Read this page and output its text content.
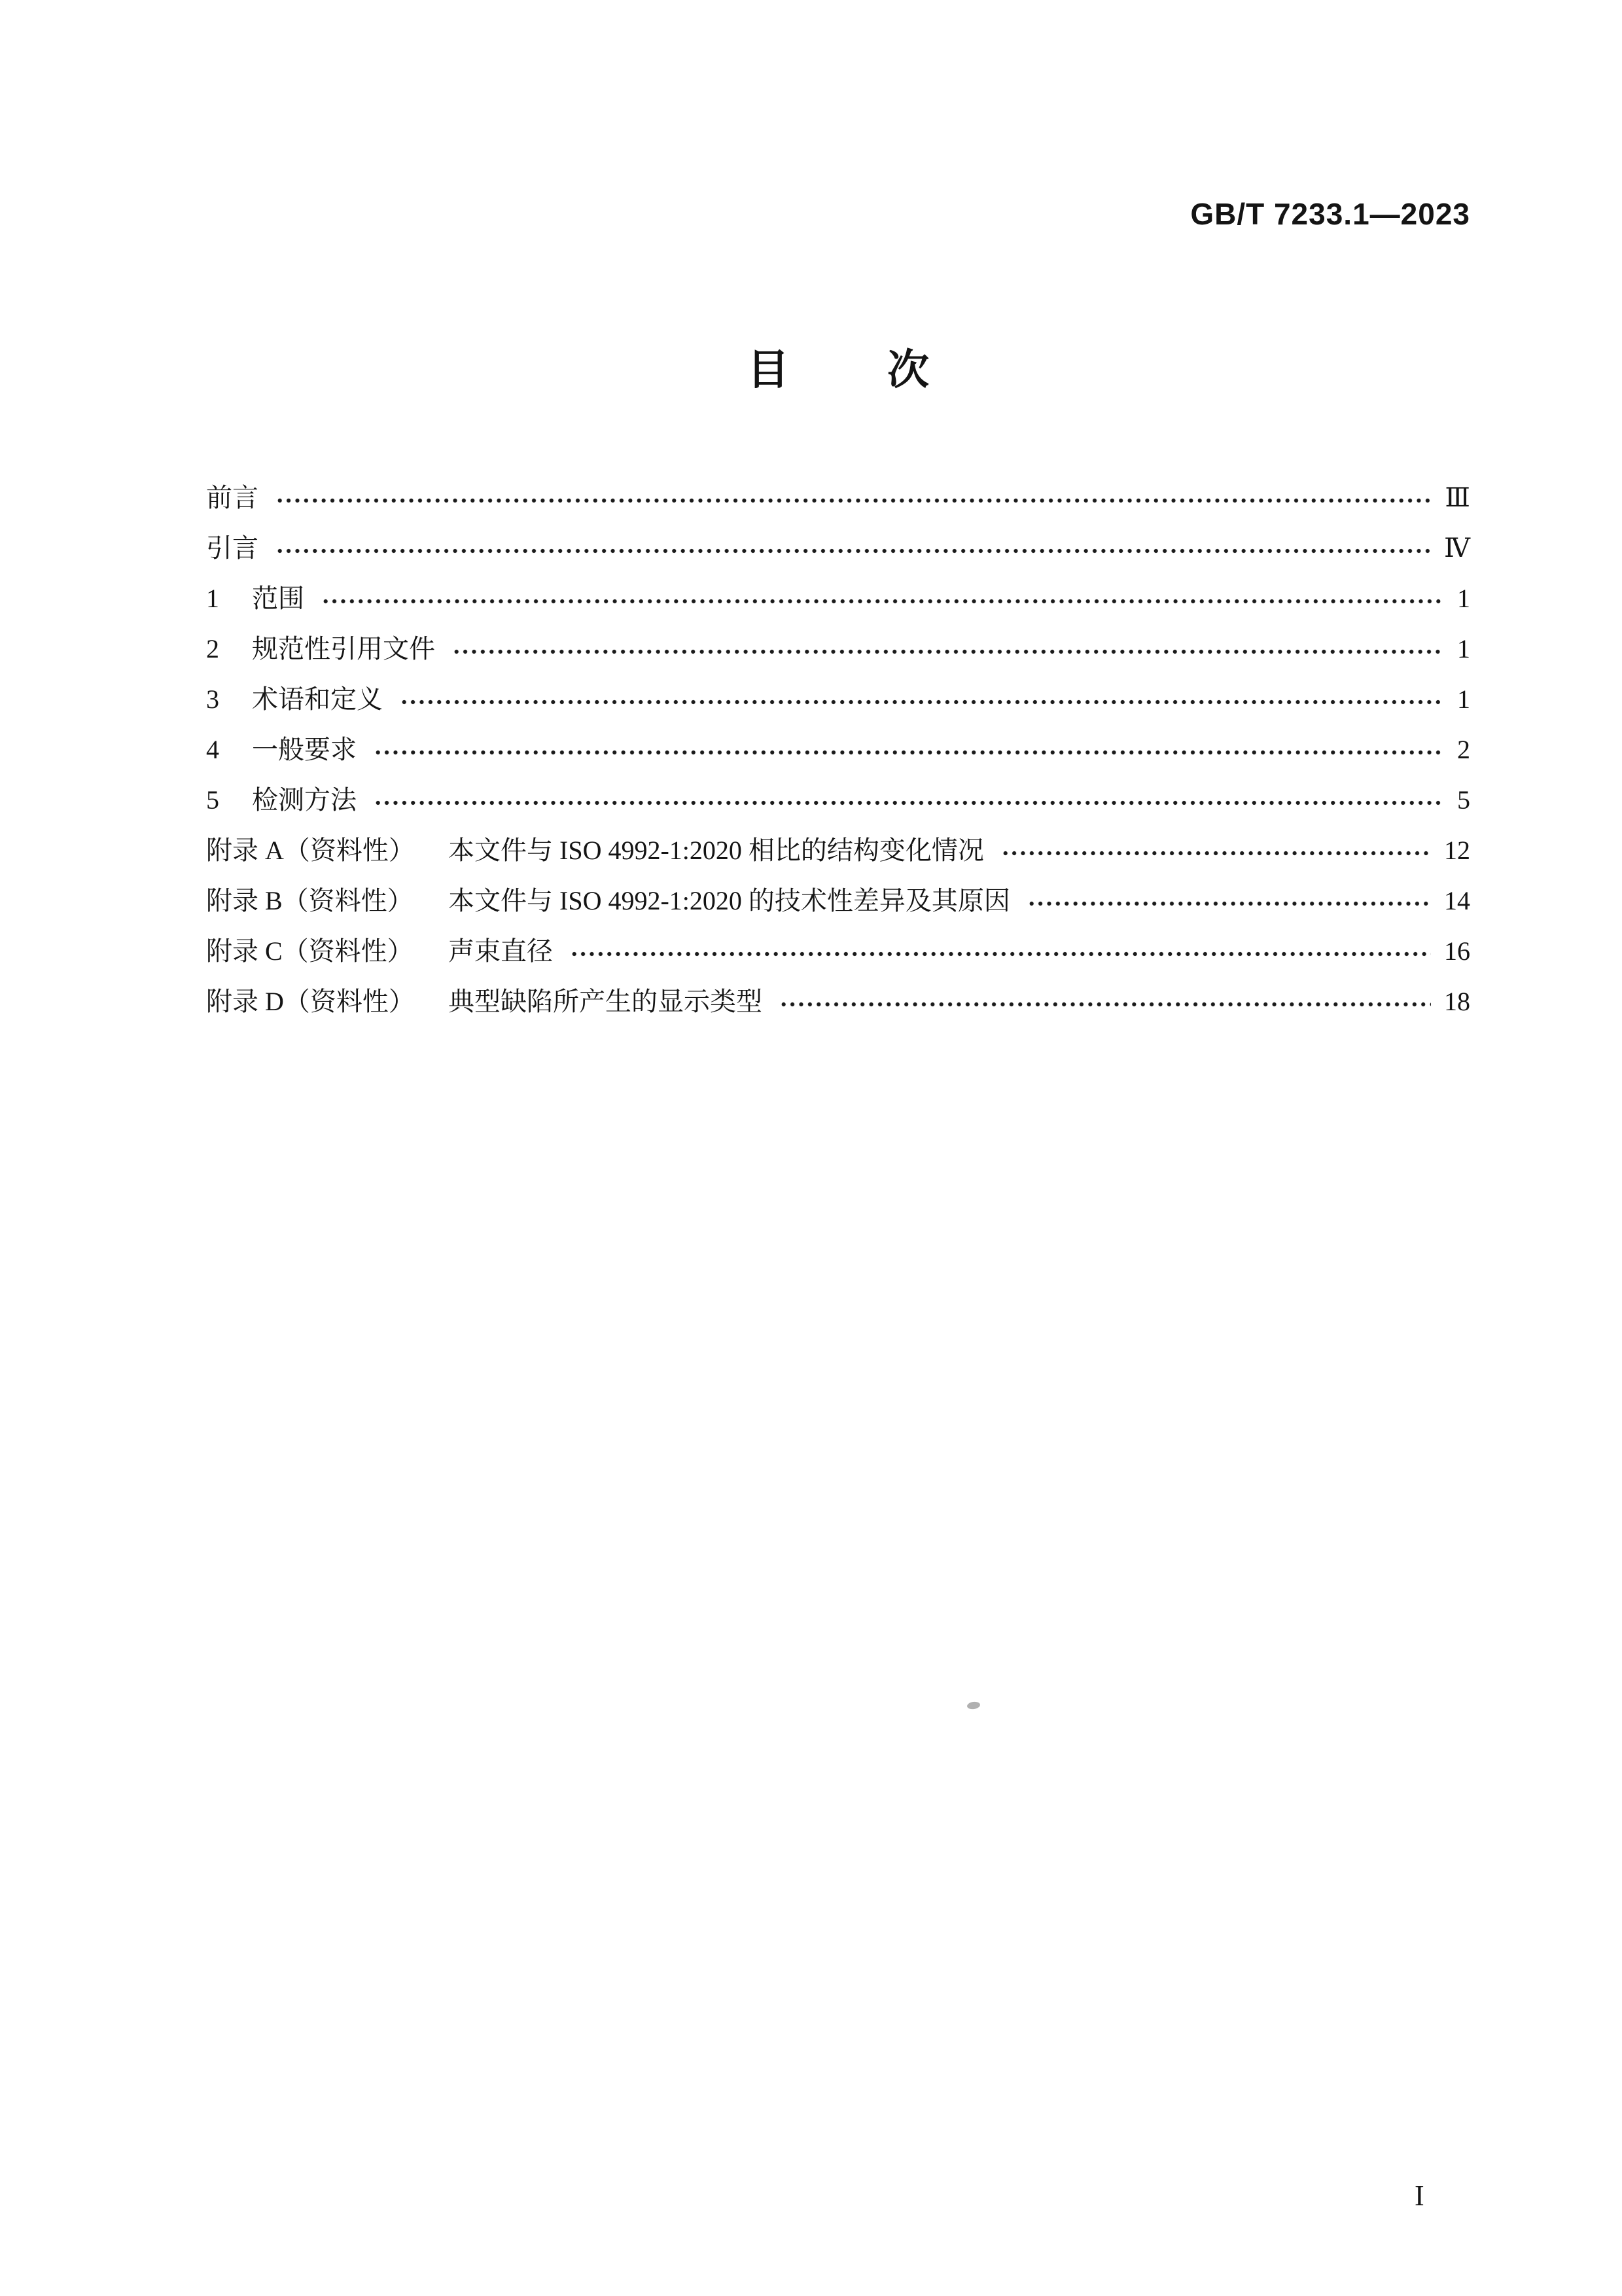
GB/T 7233.1—2023
目 次
前言	Ⅲ
引言	Ⅳ
1	范围	1
2	规范性引用文件	1
3	术语和定义	1
4	一般要求	2
5	检测方法	5
附录 A（资料性）	本文件与 ISO 4992-1:2020 相比的结构变化情况	12
附录 B（资料性）	本文件与 ISO 4992-1:2020 的技术性差异及其原因	14
附录 C（资料性）	声束直径	16
附录 D（资料性）	典型缺陷所产生的显示类型	18
I
